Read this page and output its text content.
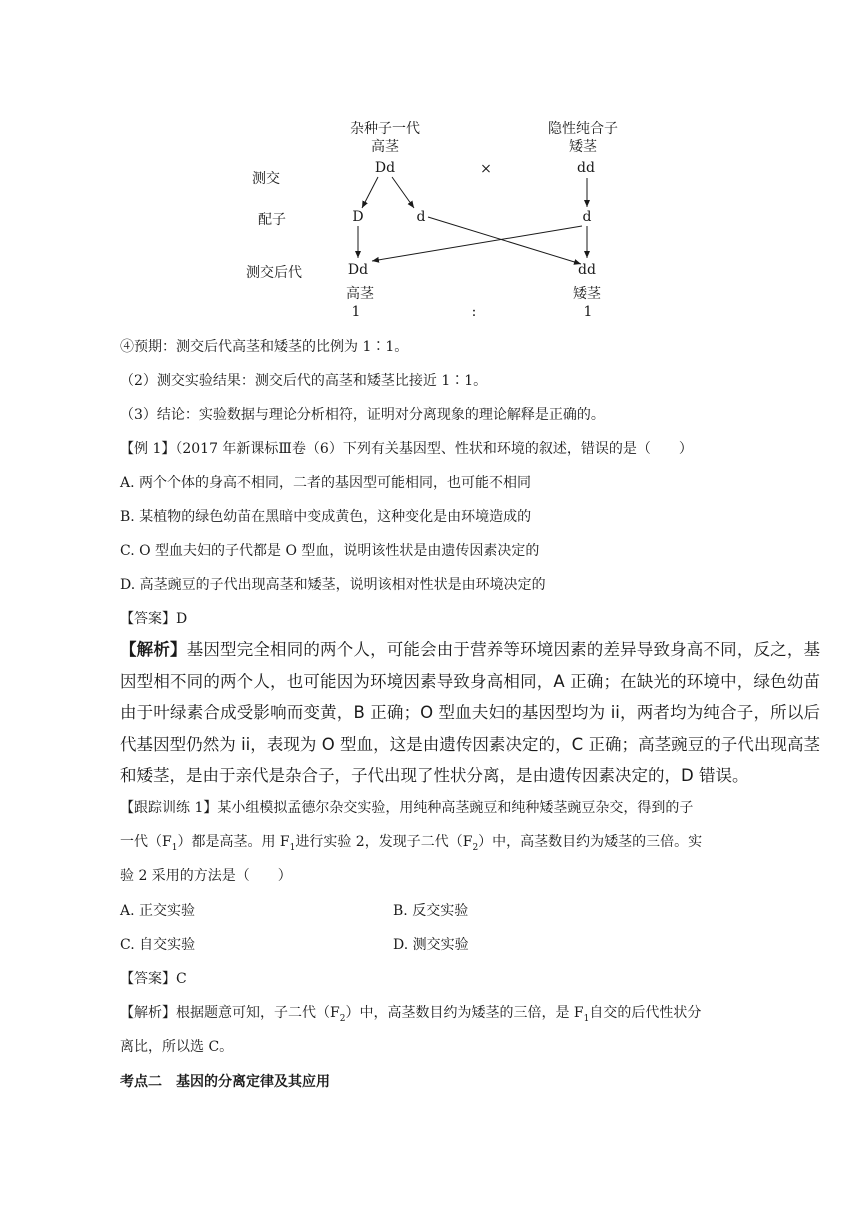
杂种子一代
高茎
隐性纯合子
矮茎
测交
配子
测交后代
Dd	×	dd
D	d	d
Dd	dd
高茎	矮茎
1	:	1
④预期：测交后代高茎和矮茎的比例为 1∶1。
（2）测交实验结果：测交后代的高茎和矮茎比接近 1∶1。
（3）结论：实验数据与理论分析相符，证明对分离现象的理论解释是正确的。
【例 1】（2017 年新课标Ⅲ卷（6）下列有关基因型、性状和环境的叙述，错误的是（　　）
A. 两个个体的身高不相同，二者的基因型可能相同，也可能不相同
B. 某植物的绿色幼苗在黑暗中变成黄色，这种变化是由环境造成的
C. O 型血夫妇的子代都是 O 型血，说明该性状是由遗传因素决定的
D. 高茎豌豆的子代出现高茎和矮茎，说明该相对性状是由环境决定的
【答案】D
【解析】基因型完全相同的两个人，可能会由于营养等环境因素的差异导致身高不同，反之，基因型相不同的两个人，也可能因为环境因素导致身高相同，A 正确；在缺光的环境中，绿色幼苗由于叶绿素合成受影响而变黄，B 正确；O 型血夫妇的基因型均为 ii，两者均为纯合子，所以后代基因型仍然为 ii，表现为 O 型血，这是由遗传因素决定的，C 正确；高茎豌豆的子代出现高茎和矮茎，是由于亲代是杂合子，子代出现了性状分离，是由遗传因素决定的，D 错误。
【跟踪训练 1】某小组模拟孟德尔杂交实验，用纯种高茎豌豆和纯种矮茎豌豆杂交，得到的子
一代$(F_1)$都是高茎。用 $F_1$进行实验 2，发现子二代$(F_2)$中，高茎数目约为矮茎的三倍。实
验 2 采用的方法是（　　）
A. 正交实验	B. 反交实验
C. 自交实验	D. 测交实验
【答案】C
【解析】根据题意可知，子二代$(F_2)$中，高茎数目约为矮茎的三倍，是 $F_1$自交的后代性状分
离比，所以选 C。
考点二　基因的分离定律及其应用
